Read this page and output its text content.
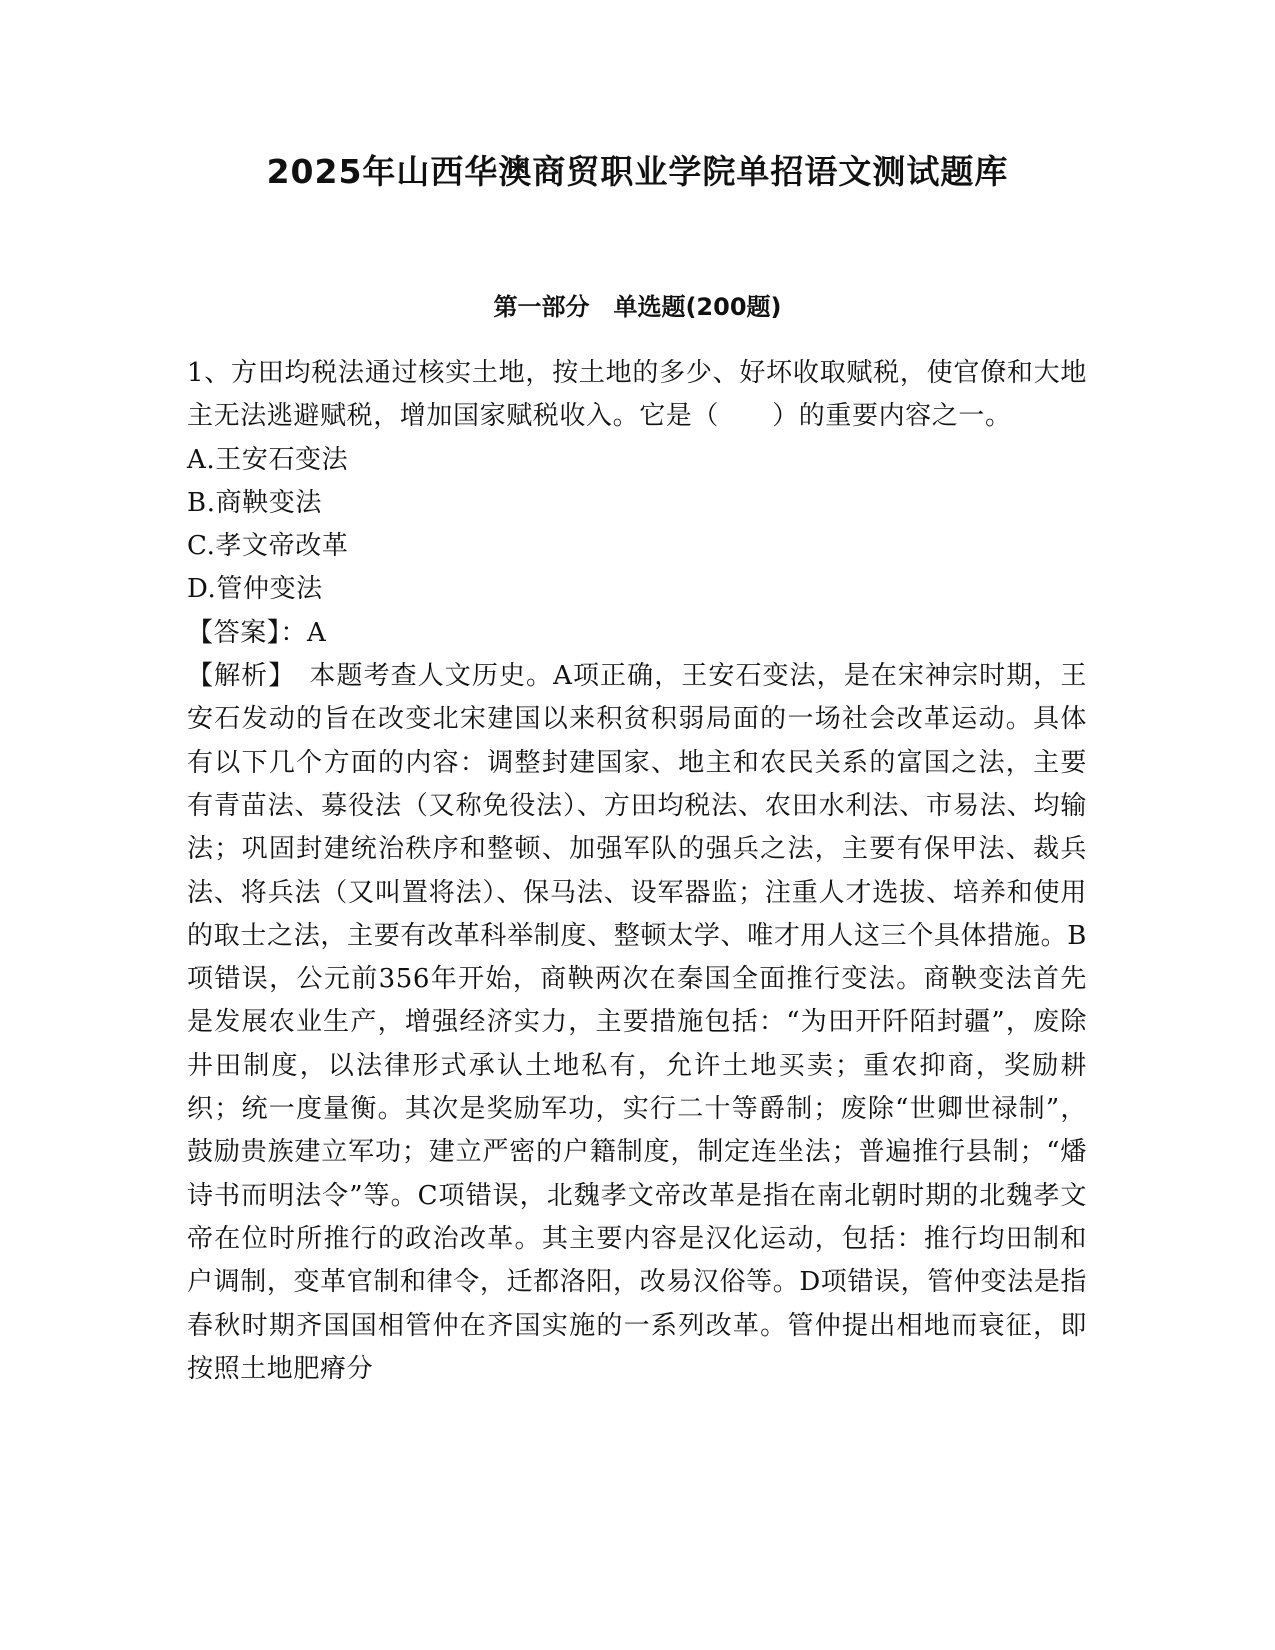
2025年山西华澳商贸职业学院单招语文测试题库
第一部分　单选题(200题)

1、方田均税法通过核实土地，按土地的多少、好坏收取赋税，使官僚和大地主无法逃避赋税，增加国家赋税收入。它是（　　）的重要内容之一。

A.王安石变法

B.商鞅变法

C.孝文帝改革

D.管仲变法

【答案】：A

【解析】　本题考查人文历史。A项正确，王安石变法，是在宋神宗时期，王安石发动的旨在改变北宋建国以来积贫积弱局面的一场社会改革运动。具体有以下几个方面的内容：调整封建国家、地主和农民关系的富国之法，主要有青苗法、募役法（又称免役法）、方田均税法、农田水利法、市易法、均输法；巩固封建统治秩序和整顿、加强军队的强兵之法，主要有保甲法、裁兵法、将兵法（又叫置将法）、保马法、设军器监；注重人才选拔、培养和使用的取士之法，主要有改革科举制度、整顿太学、唯才用人这三个具体措施。B项错误，公元前356年开始，商鞅两次在秦国全面推行变法。商鞅变法首先是发展农业生产，增强经济实力，主要措施包括：“为田开阡陌封疆”，废除井田制度，以法律形式承认土地私有，允许土地买卖；重农抑商，奖励耕织；统一度量衡。其次是奖励军功，实行二十等爵制；废除“世卿世禄制”，鼓励贵族建立军功；建立严密的户籍制度，制定连坐法；普遍推行县制；“燔诗书而明法令”等。C项错误，北魏孝文帝改革是指在南北朝时期的北魏孝文帝在位时所推行的政治改革。其主要内容是汉化运动，包括：推行均田制和户调制，变革官制和律令，迁都洛阳，改易汉俗等。D项错误，管仲变法是指春秋时期齐国国相管仲在齐国实施的一系列改革。管仲提出相地而衰征，即按照土地肥瘠分
